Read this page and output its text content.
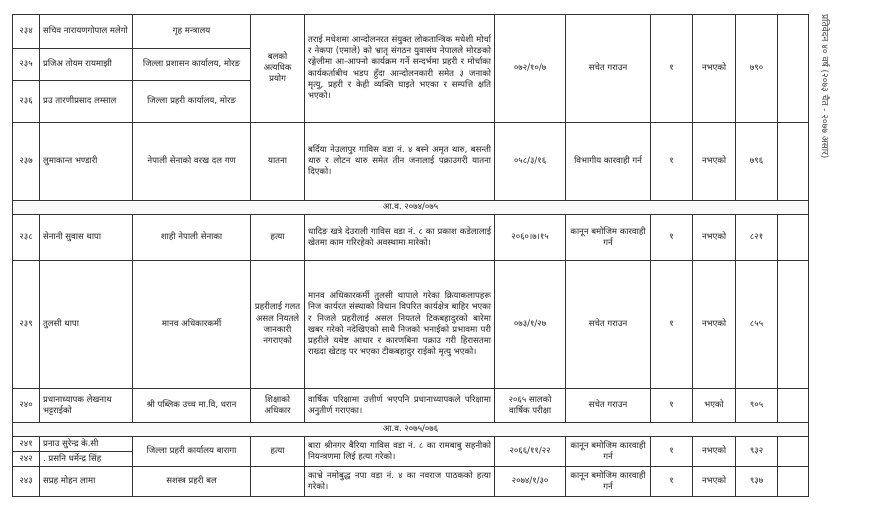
२३४	सचिव नारायणगोपाल मलेगो	गृह मन्त्रालय	बलको अत्यधिक प्रयोग	तराई मधेशमा आन्दोलनरत संयुक्त लोकतान्त्रिक मधेशी मोर्चा र नेकपा (एमाले) को भ्रातृ संगठन युवासंघ नेपालले मोरङको रङ्गेलीमा आ-आफ्नो कार्यक्रम गर्ने सन्दर्भमा प्रहरी र मोर्चाका कार्यकर्ताबीच भडप हुँदा आन्दोलनकारी समेत ३ जनाको मृत्यु, प्रहरी र केही व्यक्ति घाइते भएका र सम्पत्ति क्षति भएको।	०७२/१०/७	सचेत गराउन	१	नभएको	७९०	
२३५	प्रजिअ तोयम रायमाझी	जिल्ला प्रशासन कार्यालय, मोरङ								
२३६	प्रउ तारणीप्रसाद लम्साल	जिल्ला प्रहरी कार्यालय, मोरङ								
२३७	लुमाकान्त भण्डारी	नेपाली सेनाको वरख दल गण	यातना	बर्दिया नेउलापुर गाविस वडा नं. ४ बस्ने अमृत थारु, बसन्ती थारु र लोटन थारु समेत तीन जनालाई पक्राउगरी यातना दिएको।	०५८/३/१६	विभागीय कारवाही गर्न	१	नभएको	७९६	
आ.व. २०७४/०७५										
२३८	सेनानी सुवास थापा	शाही नेपाली सेनाका	हत्या	धादिङ खत्रे देउराली गाविस वडा नं. ८ का प्रकाश कडेलालाई खेतमा काम गरिरहेको अवस्थामा मारेको।	२०६०।७।१५	कानून बमोजिम कारवाही गर्न	१	नभएको	८२१	
२३९	तुलसी थापा	मानव अधिकारकर्मी	प्रहरीलाई गलत असल नियतले जानकारी नगराएको	मानव अधिकारकर्मी तुलसी थापाले गरेका क्रियाकलापहरू निज कार्यरत संस्थाको विधान विपरित कार्यक्षेत्र बाहिर भएका र निजले प्रहरीलाई असल नियतले टिकबहादुरको बारेमा खबर गरेको नदेखिएको साथै निजको भनाईको प्रभावमा परी प्रहरीले यथेष्ट आधार र कारणबिना पक्राउ गरी हिरासतमा राख्दा खेटाइ पर भएका टीकबहादुर राईको मृत्यु भएको।	०७३/१/२७	सचेत गराउन	१	नभएको	८५५	
२४०	प्रधानाध्यापक लेखनाथ भट्टराईको	श्री पब्लिक उच्च मा.वि, धरान	शिक्षाको अधिकार	वार्षिक परिक्षामा उत्तीर्ण भएपनि प्रधानाध्यापकले परिक्षामा अनुतीर्ण गराएका।	२०६५ सालको वार्षिक परीक्षा	सचेत गराउन	१	भएको	९०५	
आ.व. २०७५/०७६										
२४१	प्रनाउ सुरेन्द्र के.सी	जिल्ला प्रहरी कार्यालय बारागा	हत्या	बारा श्रीनगर बैरिया गाविस वडा नं. ८ का रामबाबु सहनीको नियन्त्रणमा लिई हत्या गरेको।	२०६६/११/२२	कानून बमोजिम कारवाही गर्न	१	नभएको	९३२	
२४२	. प्रसनि धर्मेन्द्र सिंह									
२४३	सप्रह मोहन लामा	सशस्त्र प्रहरी बल		काभ्रे नमोबुद्ध नपा वडा नं. ४ का नवराज पाठकको हत्या गरेको।	२०७४/१/३०	कानून बमोजिम कारवाही गर्न	१	नभएको	९३७	
प्रतिवेदन ४० वर्ष (२०७३ चैत - २०७७ असार)
